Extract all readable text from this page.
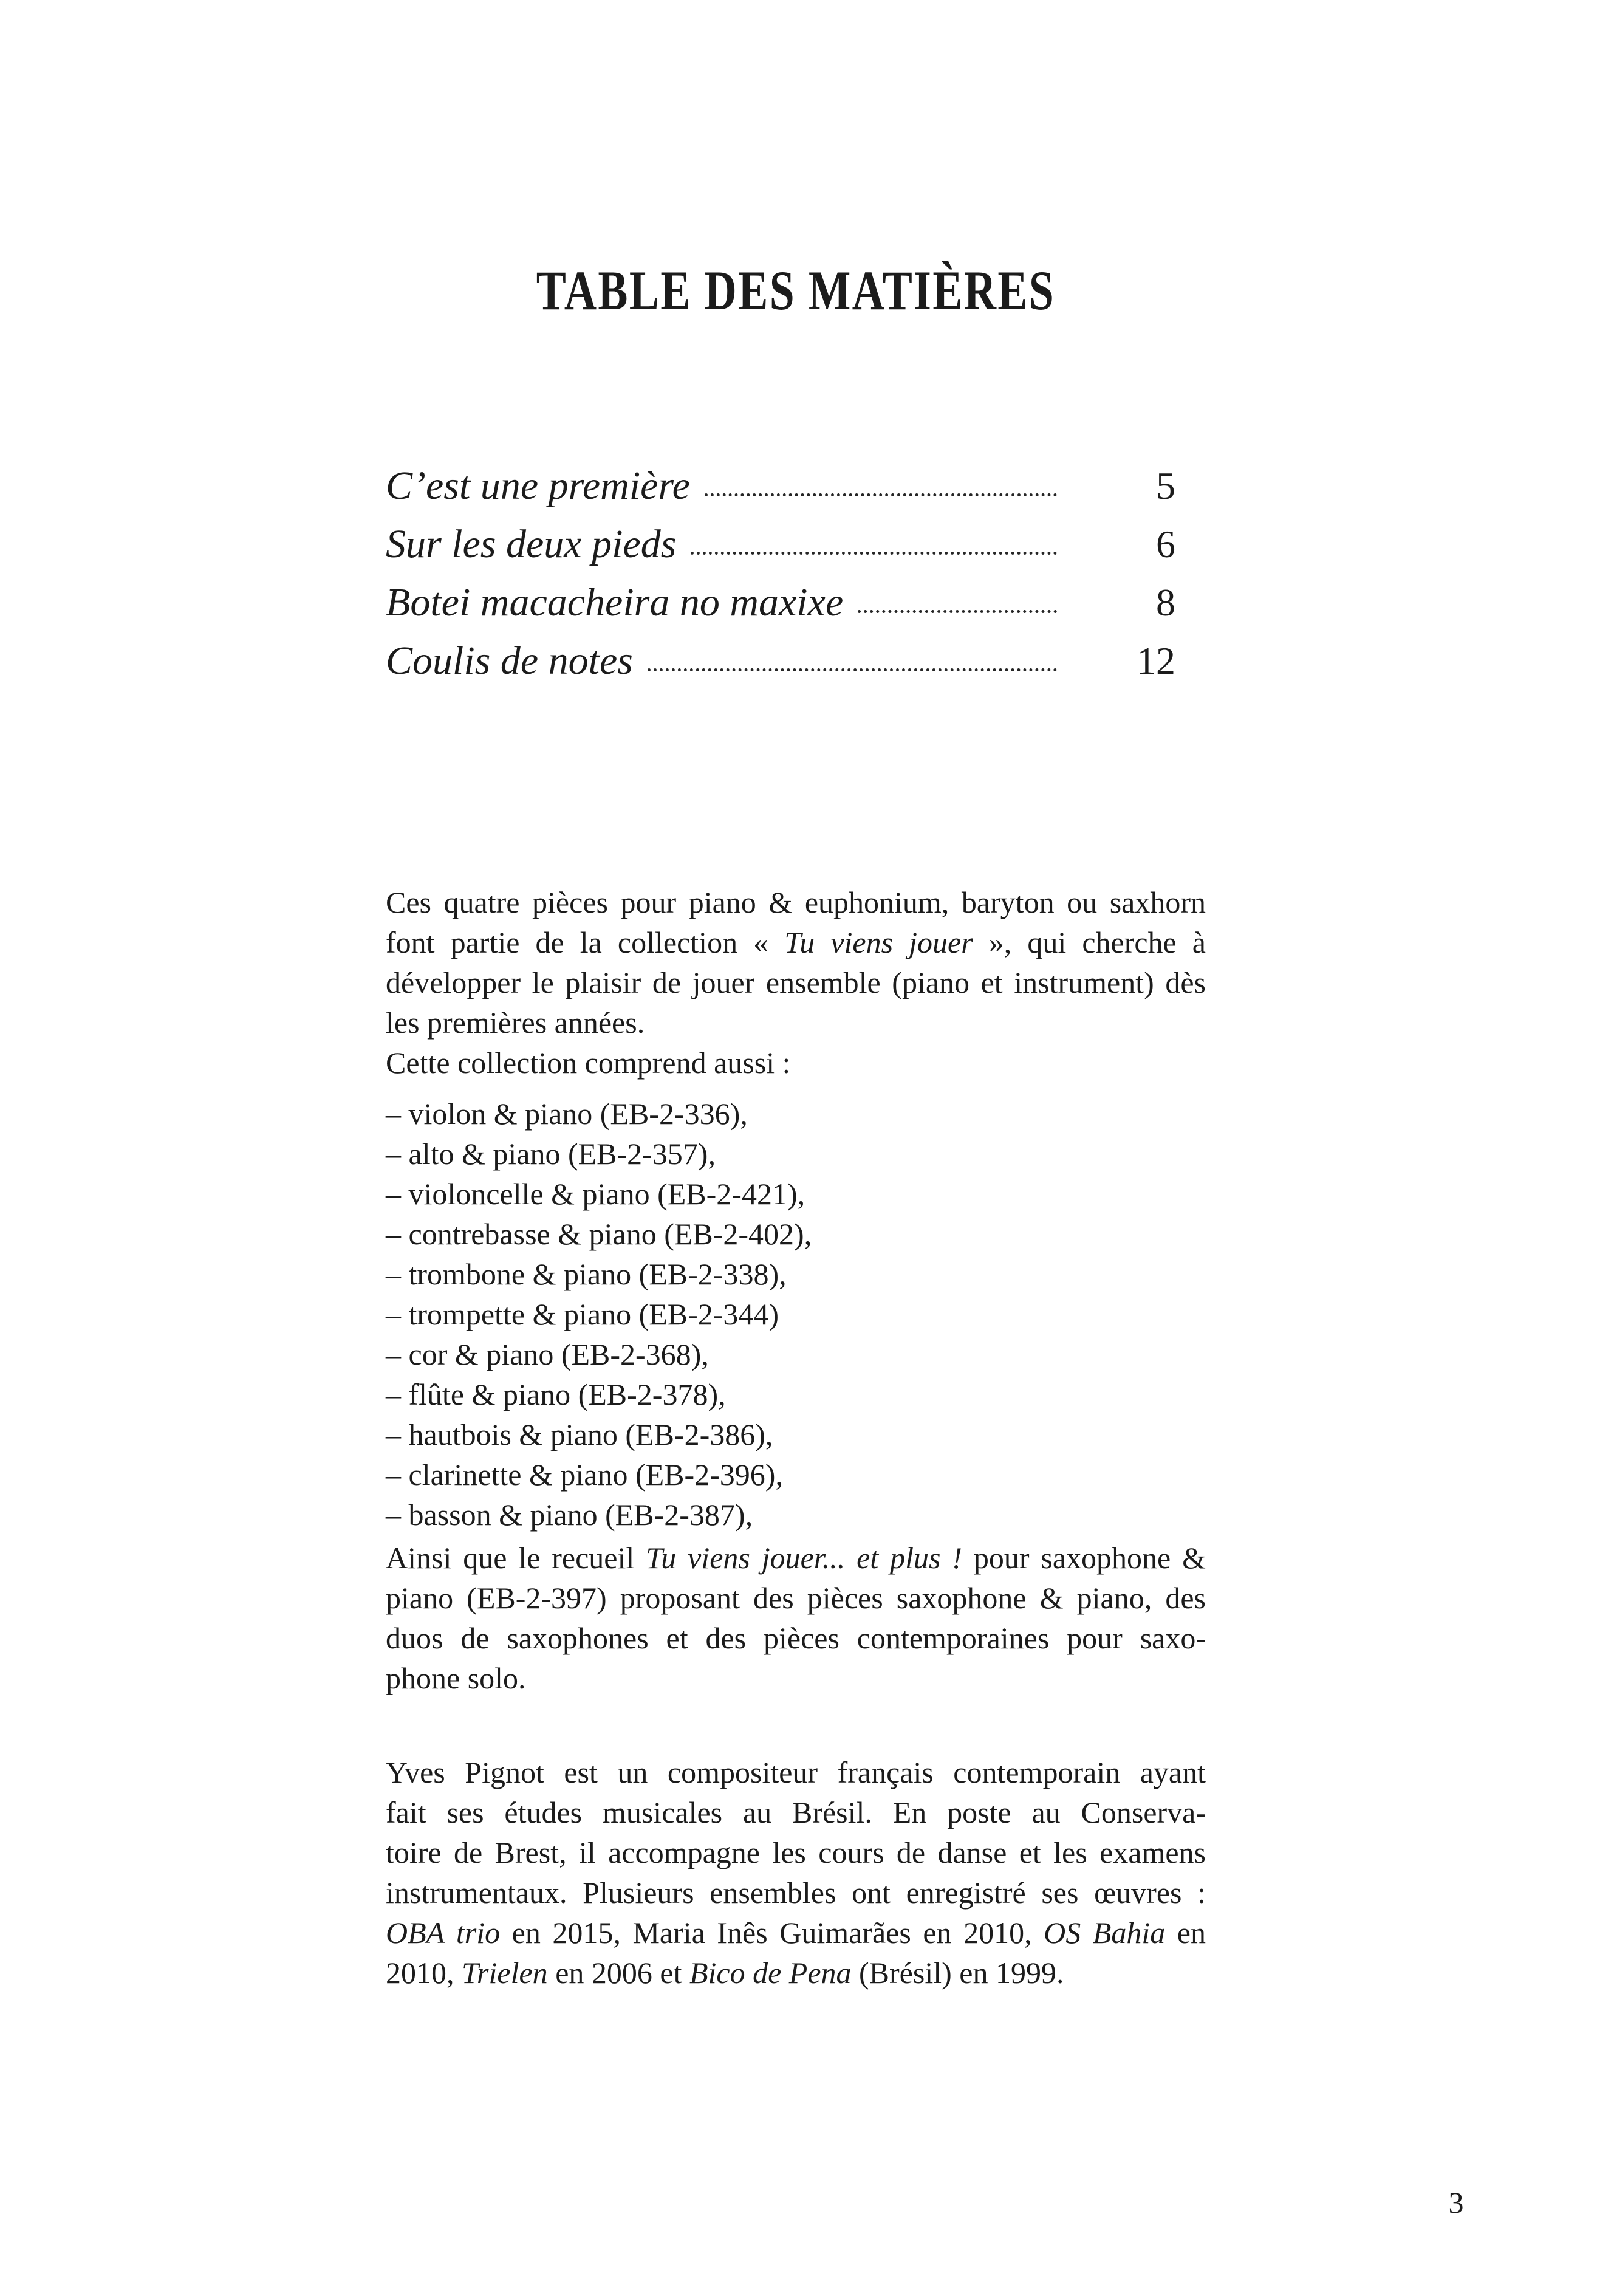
TABLE DES MATIÈRES
C’est une première	5
Sur les deux pieds	6
Botei macacheira no maxixe	8
Coulis de notes	12
Ces quatre pièces pour piano & euphonium, baryton ou saxhorn
font partie de la collection « Tu viens jouer », qui cherche à
développer le plaisir de jouer ensemble (piano et instrument) dès
les premières années.
Cette collection comprend aussi :
– violon & piano (EB-2-336),
– alto & piano (EB-2-357),
– violoncelle & piano (EB-2-421),
– contrebasse & piano (EB-2-402),
– trombone & piano (EB-2-338),
– trompette & piano (EB-2-344)
– cor & piano (EB-2-368),
– flûte & piano (EB-2-378),
– hautbois & piano (EB-2-386),
– clarinette & piano (EB-2-396),
– basson & piano (EB-2-387),
Ainsi que le recueil Tu viens jouer... et plus ! pour saxophone &
piano (EB-2-397) proposant des pièces saxophone & piano, des
duos de saxophones et des pièces contemporaines pour saxo-
phone solo.
Yves Pignot est un compositeur français contemporain ayant
fait ses études musicales au Brésil. En poste au Conserva-
toire de Brest, il accompagne les cours de danse et les examens
instrumentaux. Plusieurs ensembles ont enregistré ses œuvres :
OBA trio en 2015, Maria Inês Guimarães en 2010, OS Bahia en
2010, Trielen en 2006 et Bico de Pena (Brésil) en 1999.
3
